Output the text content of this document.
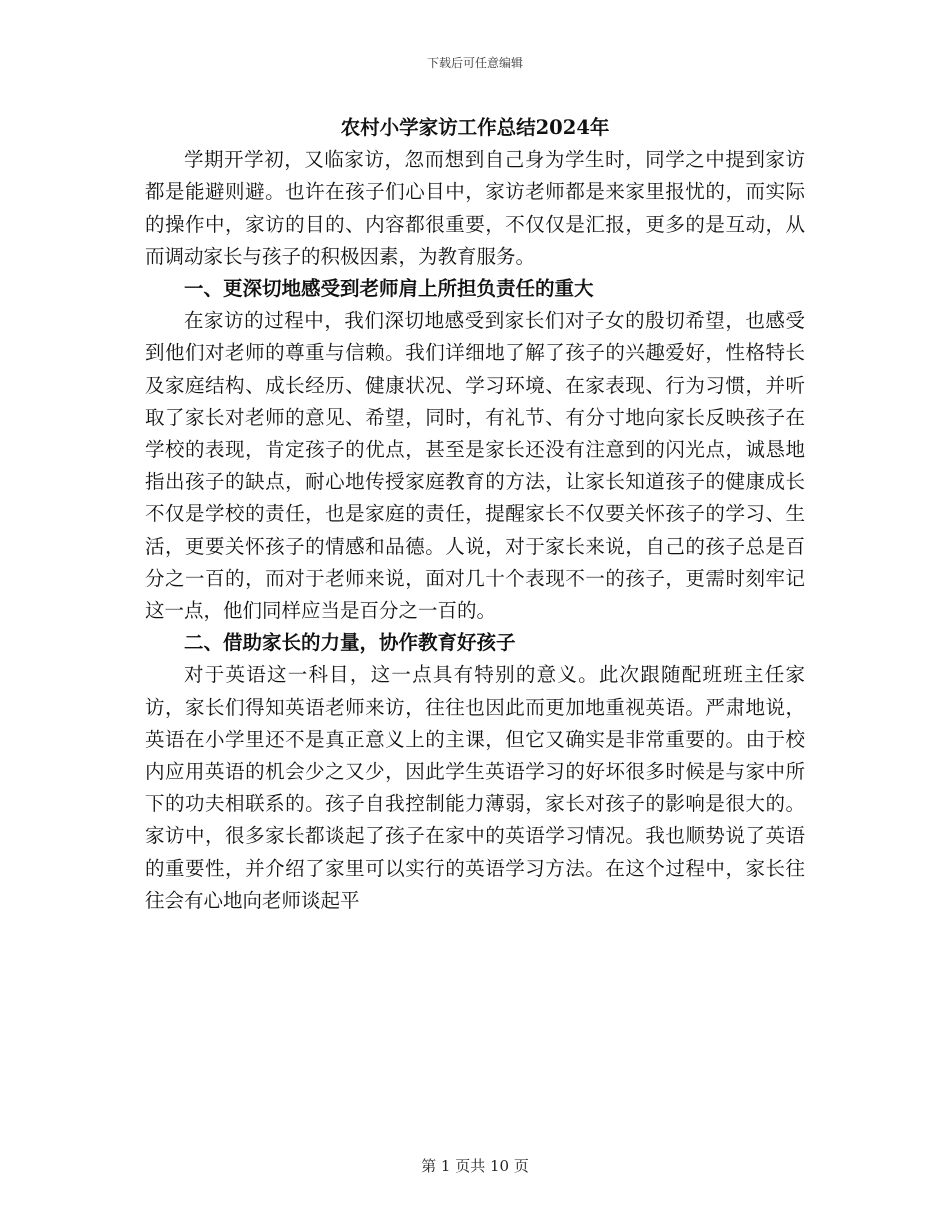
下载后可任意编辑
农村小学家访工作总结2024年

学期开学初，又临家访，忽而想到自己身为学生时，同学之中提到家访都是能避则避。也许在孩子们心目中，家访老师都是来家里报忧的，而实际的操作中，家访的目的、内容都很重要，不仅仅是汇报，更多的是互动，从而调动家长与孩子的积极因素，为教育服务。

一、更深切地感受到老师肩上所担负责任的重大

在家访的过程中，我们深切地感受到家长们对子女的殷切希望，也感受到他们对老师的尊重与信赖。我们详细地了解了孩子的兴趣爱好，性格特长及家庭结构、成长经历、健康状况、学习环境、在家表现、行为习惯，并听取了家长对老师的意见、希望，同时，有礼节、有分寸地向家长反映孩子在学校的表现，肯定孩子的优点，甚至是家长还没有注意到的闪光点，诚恳地指出孩子的缺点，耐心地传授家庭教育的方法，让家长知道孩子的健康成长不仅是学校的责任，也是家庭的责任，提醒家长不仅要关怀孩子的学习、生活，更要关怀孩子的情感和品德。人说，对于家长来说，自己的孩子总是百分之一百的，而对于老师来说，面对几十个表现不一的孩子，更需时刻牢记这一点，他们同样应当是百分之一百的。

二、借助家长的力量，协作教育好孩子

对于英语这一科目，这一点具有特别的意义。此次跟随配班班主任家访，家长们得知英语老师来访，往往也因此而更加地重视英语。严肃地说，英语在小学里还不是真正意义上的主课，但它又确实是非常重要的。由于校内应用英语的机会少之又少，因此学生英语学习的好坏很多时候是与家中所下的功夫相联系的。孩子自我控制能力薄弱，家长对孩子的影响是很大的。家访中，很多家长都谈起了孩子在家中的英语学习情况。我也顺势说了英语的重要性，并介绍了家里可以实行的英语学习方法。在这个过程中，家长往往会有心地向老师谈起平

第 1 页共 10 页
